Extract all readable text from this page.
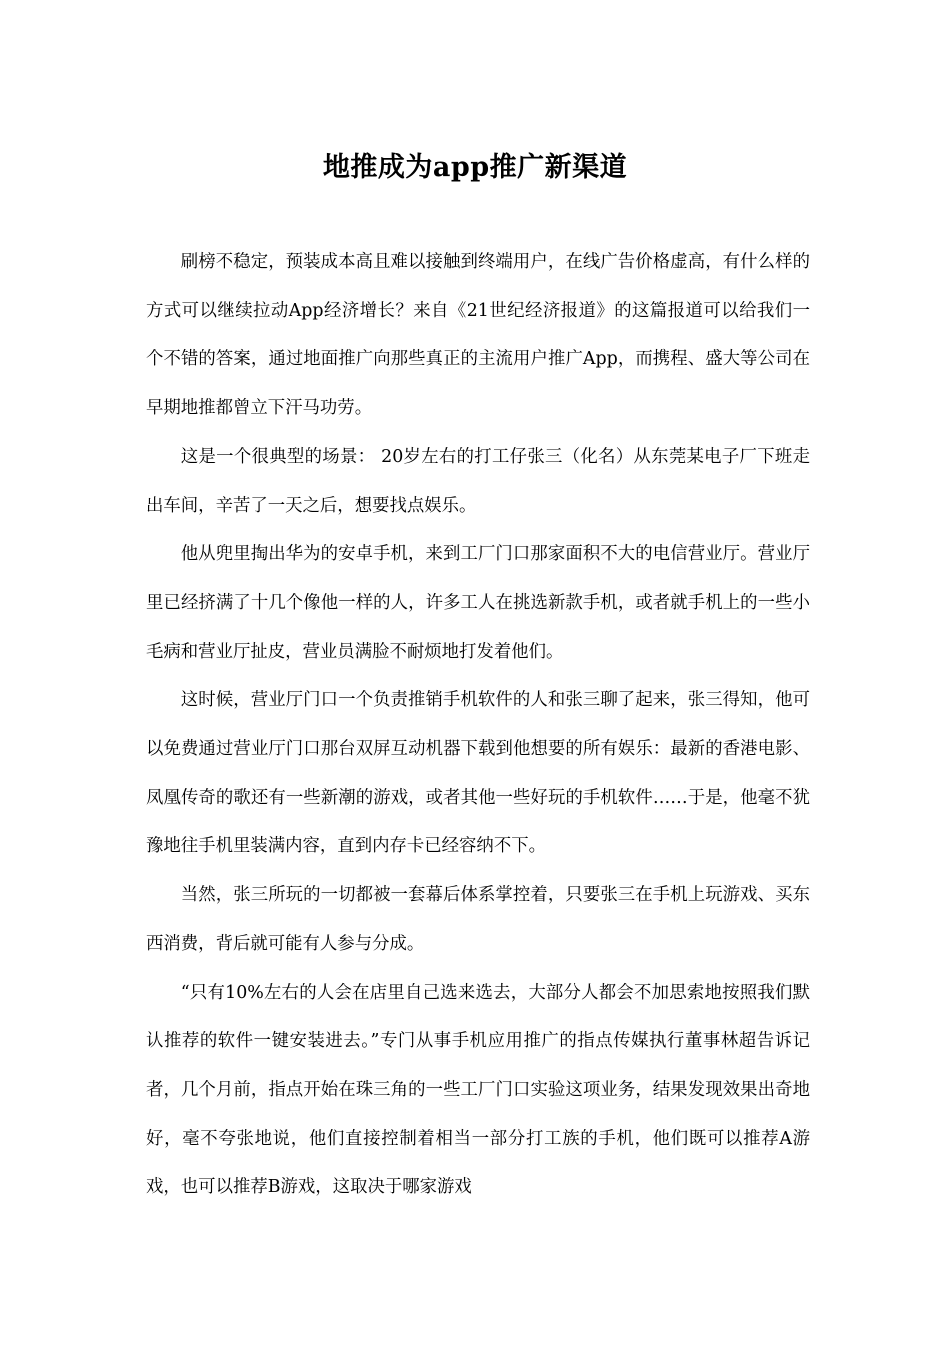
地推成为app推广新渠道

刷榜不稳定，预装成本高且难以接触到终端用户，在线广告价格虚高，有什么样的方式可以继续拉动App经济增长？来自《21世纪经济报道》的这篇报道可以给我们一个不错的答案，通过地面推广向那些真正的主流用户推广App，而携程、盛大等公司在早期地推都曾立下汗马功劳。

这是一个很典型的场景： 20岁左右的打工仔张三（化名）从东莞某电子厂下班走出车间，辛苦了一天之后，想要找点娱乐。

他从兜里掏出华为的安卓手机，来到工厂门口那家面积不大的电信营业厅。营业厅里已经挤满了十几个像他一样的人，许多工人在挑选新款手机，或者就手机上的一些小毛病和营业厅扯皮，营业员满脸不耐烦地打发着他们。

这时候，营业厅门口一个负责推销手机软件的人和张三聊了起来，张三得知，他可以免费通过营业厅门口那台双屏互动机器下载到他想要的所有娱乐：最新的香港电影、凤凰传奇的歌还有一些新潮的游戏，或者其他一些好玩的手机软件……于是，他毫不犹豫地往手机里装满内容，直到内存卡已经容纳不下。

当然，张三所玩的一切都被一套幕后体系掌控着，只要张三在手机上玩游戏、买东西消费，背后就可能有人参与分成。

“只有10%左右的人会在店里自己选来选去，大部分人都会不加思索地按照我们默认推荐的软件一键安装进去。”专门从事手机应用推广的指点传媒执行董事林超告诉记者，几个月前，指点开始在珠三角的一些工厂门口实验这项业务，结果发现效果出奇地好，毫不夸张地说，他们直接控制着相当一部分打工族的手机，他们既可以推荐A游戏，也可以推荐B游戏，这取决于哪家游戏
